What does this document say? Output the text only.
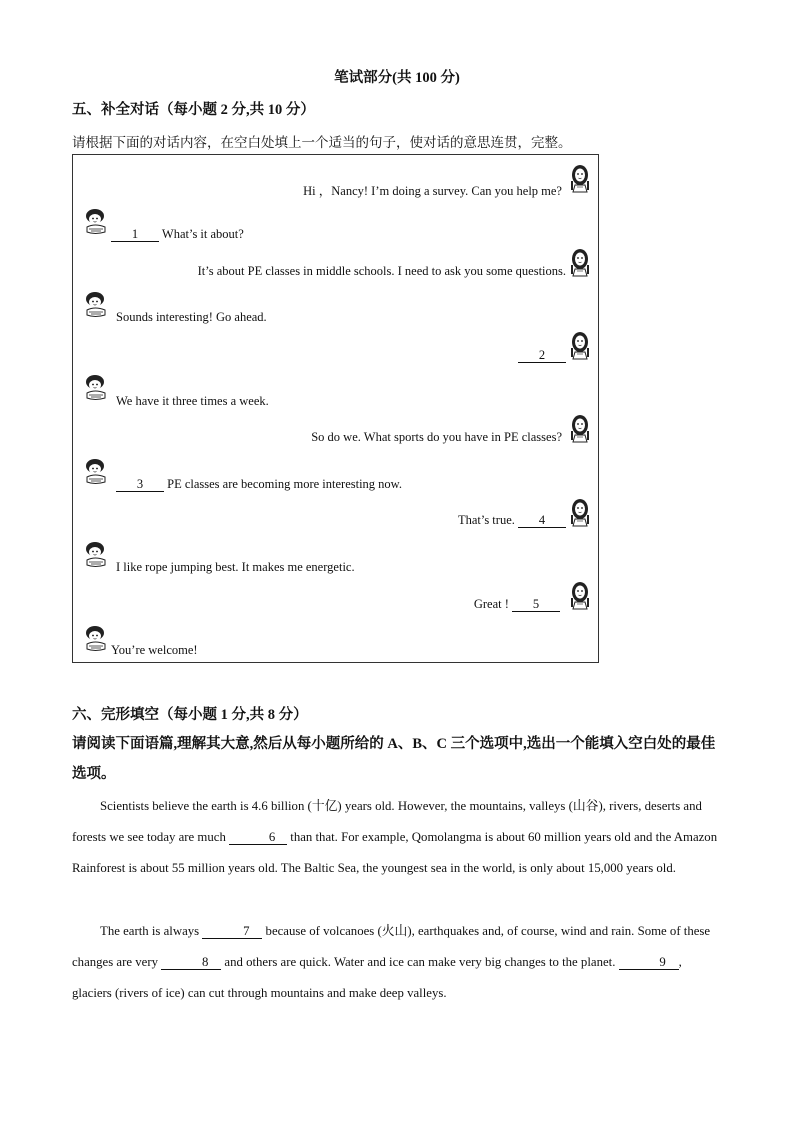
笔试部分(共 100 分)
五、补全对话（每小题 2 分,共 10 分）
请根据下面的对话内容，在空白处填上一个适当的句子，使对话的意思连贯，完整。
Hi ，Nancy! I’m doing a survey. Can you help me?
1 What’s it about?
It’s about PE classes in middle schools. I need to ask you some questions.
Sounds interesting! Go ahead.
2
We have it three times a week.
So do we. What sports do you have in PE classes?
3 PE classes are becoming more interesting now.
That’s true. 4
I like rope jumping best. It makes me energetic.
Great ! 5
You’re welcome!
六、完形填空（每小题 1 分,共 8 分）
请阅读下面语篇,理解其大意,然后从每小题所给的 A、B、C 三个选项中,选出一个能填入空白处的最佳选项。
Scientists believe the earth is 4.6 billion (十亿) years old. However, the mountains, valleys (山谷), rivers, deserts and forests we see today are much	6 than that. For example, Qomolangma is about 60 million years old and the Amazon Rainforest is about 55 million years old. The Baltic Sea, the youngest sea in the world, is only about 15,000 years old.
The earth is always	7 because of volcanoes (火山), earthquakes and, of course, wind and rain. Some of these changes are very	8 and others are quick. Water and ice can make very big changes to the planet.	9 , glaciers (rivers of ice) can cut through mountains and make deep valleys.
